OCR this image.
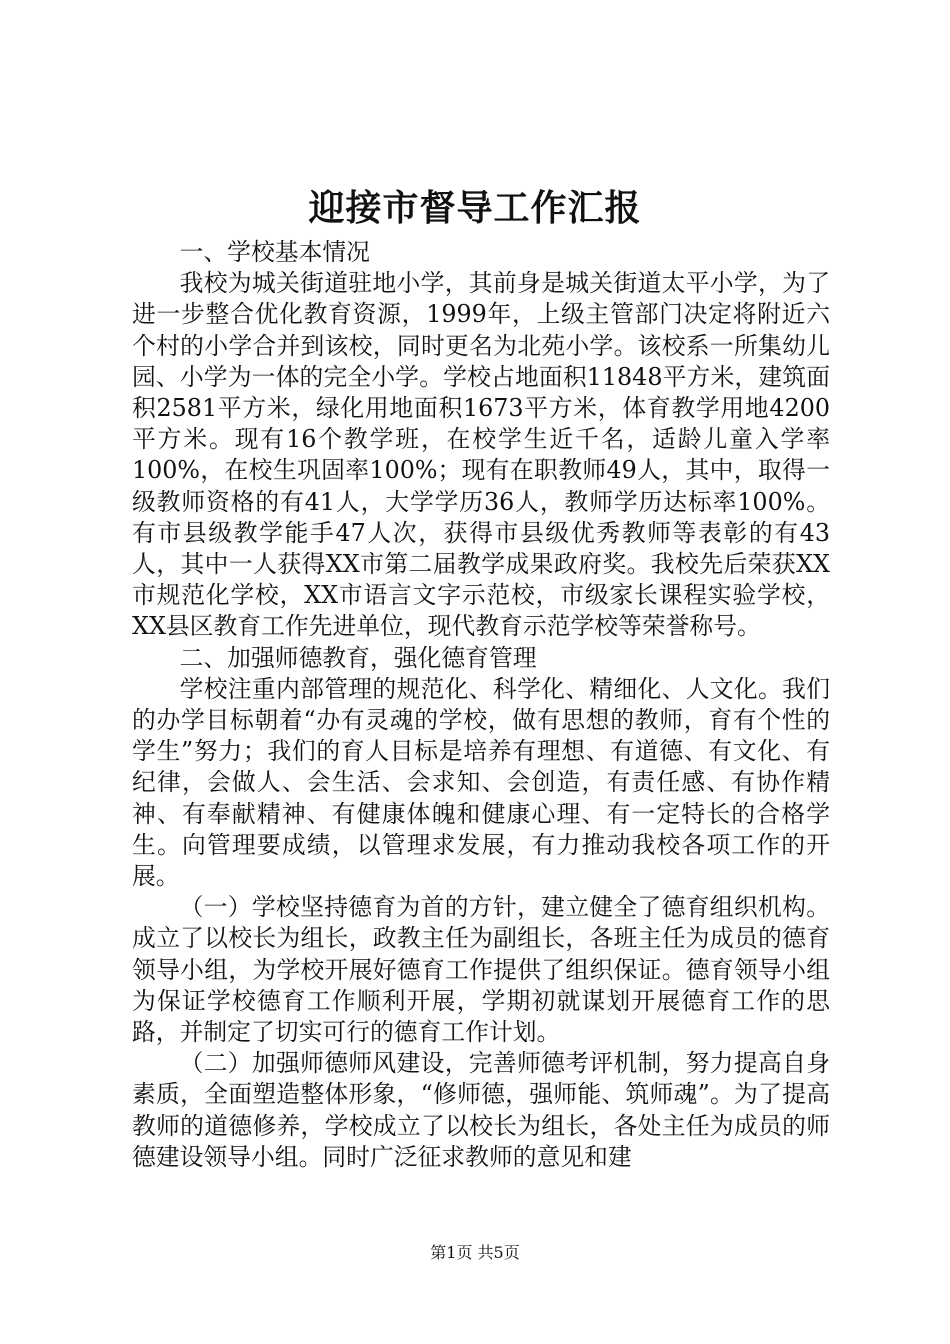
迎接市督导工作汇报

一、学校基本情况

我校为城关街道驻地小学，其前身是城关街道太平小学，为了进一步整合优化教育资源，1999年，上级主管部门决定将附近六个村的小学合并到该校，同时更名为北苑小学。该校系一所集幼儿园、小学为一体的完全小学。学校占地面积11848平方米，建筑面积2581平方米，绿化用地面积1673平方米，体育教学用地4200平方米。现有16个教学班，在校学生近千名，适龄儿童入学率100%，在校生巩固率100%；现有在职教师49人，其中，取得一级教师资格的有41人，大学学历36人，教师学历达标率100%。有市县级教学能手47人次，获得市县级优秀教师等表彰的有43人，其中一人获得XX市第二届教学成果政府奖。我校先后荣获XX市规范化学校，XX市语言文字示范校，市级家长课程实验学校，XX县区教育工作先进单位，现代教育示范学校等荣誉称号。

二、加强师德教育，强化德育管理

学校注重内部管理的规范化、科学化、精细化、人文化。我们的办学目标朝着“办有灵魂的学校，做有思想的教师，育有个性的学生”努力；我们的育人目标是培养有理想、有道德、有文化、有纪律，会做人、会生活、会求知、会创造，有责任感、有协作精神、有奉献精神、有健康体魄和健康心理、有一定特长的合格学生。向管理要成绩，以管理求发展，有力推动我校各项工作的开展。

（一）学校坚持德育为首的方针，建立健全了德育组织机构。成立了以校长为组长，政教主任为副组长，各班主任为成员的德育领导小组，为学校开展好德育工作提供了组织保证。德育领导小组为保证学校德育工作顺利开展，学期初就谋划开展德育工作的思路，并制定了切实可行的德育工作计划。

（二）加强师德师风建设，完善师德考评机制，努力提高自身素质，全面塑造整体形象，“修师德，强师能、筑师魂”。为了提高教师的道德修养，学校成立了以校长为组长，各处主任为成员的师德建设领导小组。同时广泛征求教师的意见和建

第1页 共5页
